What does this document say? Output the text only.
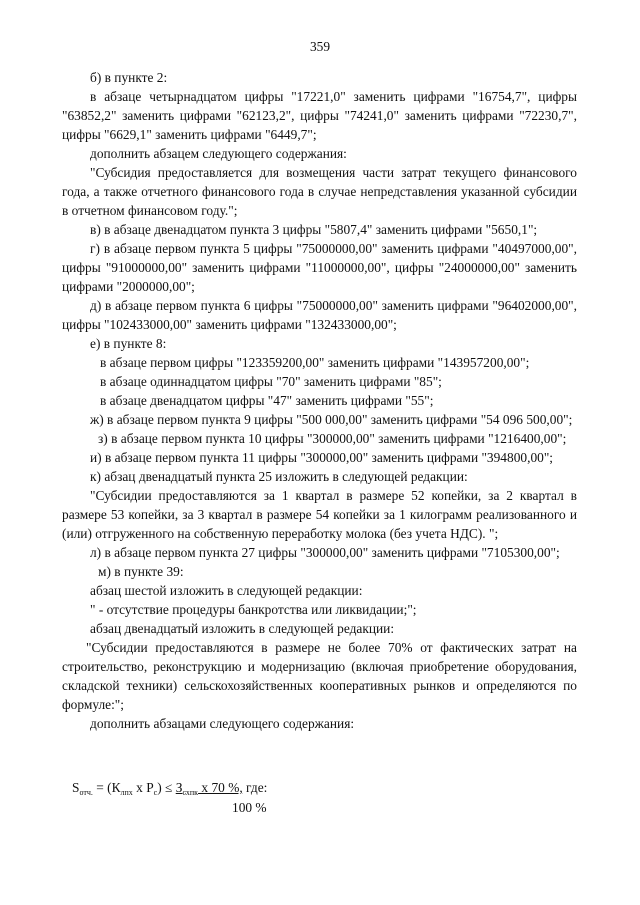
359

б) в пункте 2:

в абзаце четырнадцатом цифры "17221,0" заменить цифрами "16754,7", цифры "63852,2" заменить цифрами "62123,2", цифры "74241,0" заменить цифрами "72230,7", цифры "6629,1" заменить цифрами "6449,7";

дополнить абзацем следующего содержания:

"Субсидия предоставляется для возмещения части затрат текущего финансового года, а также отчетного финансового года в случае непредставления указанной субсидии в отчетном финансовом году.";

в) в абзаце двенадцатом пункта 3 цифры "5807,4" заменить цифрами "5650,1";

г) в абзаце первом пункта 5 цифры "75000000,00" заменить цифрами "40497000,00", цифры "91000000,00" заменить цифрами "11000000,00", цифры "24000000,00" заменить цифрами "2000000,00";

д) в абзаце первом пункта 6 цифры "75000000,00" заменить цифрами "96402000,00", цифры "102433000,00" заменить цифрами "132433000,00";

е) в пункте 8:

в абзаце первом цифры "123359200,00" заменить цифрами "143957200,00";

в абзаце одиннадцатом цифры "70" заменить цифрами "85";

в абзаце двенадцатом цифры "47" заменить цифрами "55";

ж) в абзаце первом пункта 9 цифры "500 000,00" заменить цифрами "54 096 500,00";

з) в абзаце первом пункта 10 цифры "300000,00" заменить цифрами "1216400,00";

и) в абзаце первом пункта 11 цифры "300000,00" заменить цифрами "394800,00";

к) абзац двенадцатый пункта 25 изложить в следующей редакции:

"Субсидии предоставляются за 1 квартал в размере 52 копейки, за 2 квартал в размере 53 копейки, за 3 квартал в размере 54 копейки за 1 килограмм реализованного и (или) отгруженного на собственную переработку молока (без учета НДС). ";

л) в абзаце первом пункта 27 цифры "300000,00" заменить цифрами "7105300,00";

м) в пункте 39:

абзац шестой изложить в следующей редакции:

" - отсутствие процедуры банкротства или ликвидации;";

абзац двенадцатый изложить в следующей редакции:

"Субсидии предоставляются в размере не более 70% от фактических затрат на строительство, реконструкцию и модернизацию (включая приобретение оборудования, складской техники) сельскохозяйственных кооперативных рынков и определяются по формуле:";

дополнить абзацами следующего содержания:

$S_{отч.} = (К_{лпх}$ х $Р_с) \le З_{схпк}$ х 70 %, где:
100 %
